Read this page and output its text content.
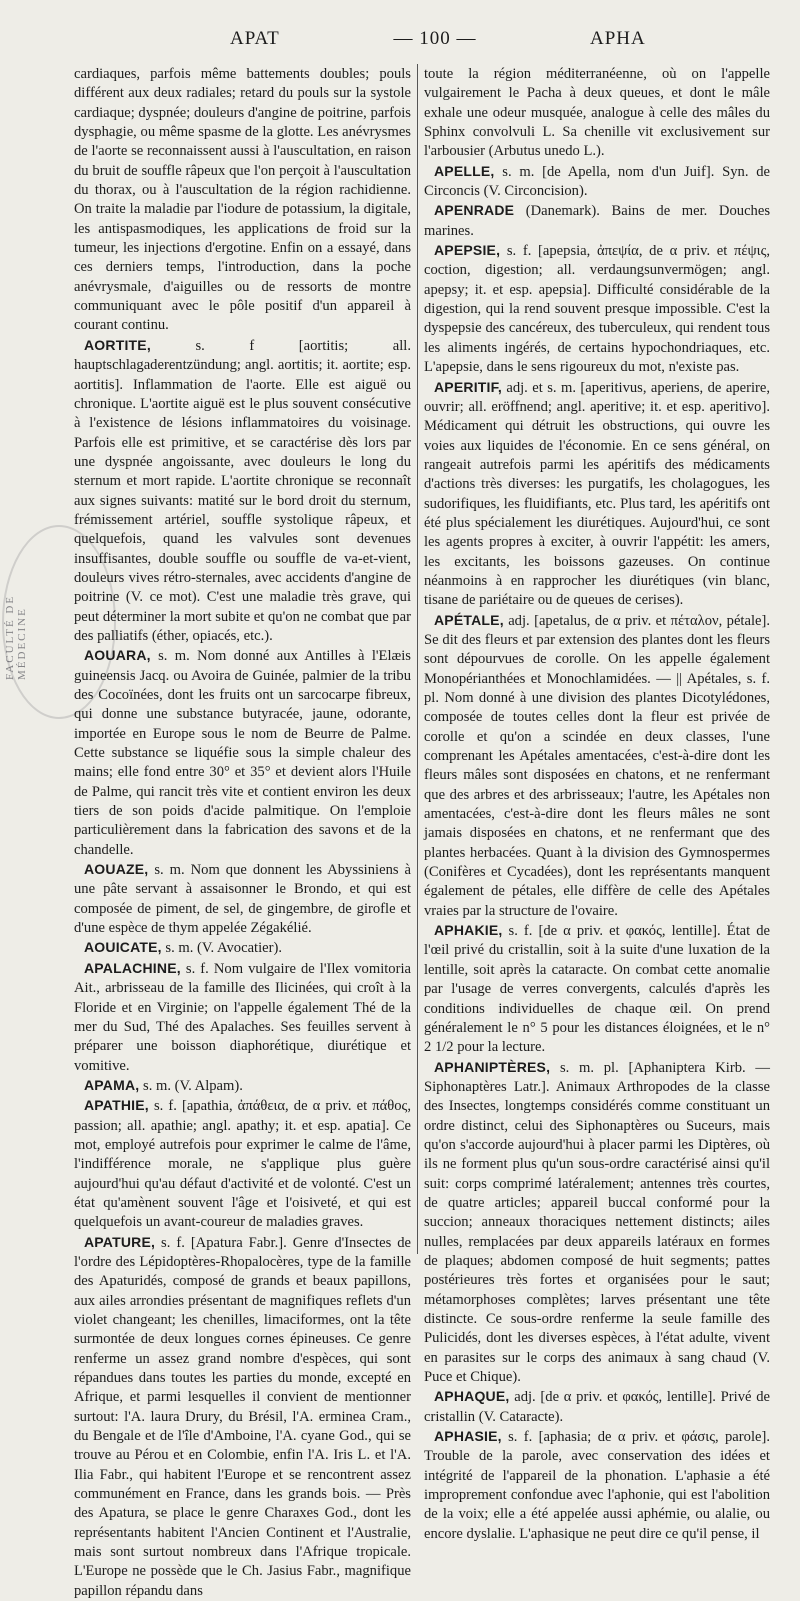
APAT	— 100 —	APHA
FACULTÉ DE MÉDECINE

cardiaques, parfois même battements doubles; pouls différent aux deux radiales; retard du pouls sur la systole cardiaque; dyspnée; douleurs d'angine de poitrine, parfois dysphagie, ou même spasme de la glotte. Les anévrysmes de l'aorte se reconnaissent aussi à l'auscultation, en raison du bruit de souffle râpeux que l'on perçoit à l'auscultation du thorax, ou à l'auscultation de la région rachidienne. On traite la maladie par l'iodure de potassium, la digitale, les antispasmodiques, les applications de froid sur la tumeur, les injections d'ergotine. Enfin on a essayé, dans ces derniers temps, l'introduction, dans la poche anévrysmale, d'aiguilles ou de ressorts de montre communiquant avec le pôle positif d'un appareil à courant continu.

AORTITE, s. f [aortitis; all. hauptschlagaderentzündung; angl. aortitis; it. aortite; esp. aortitis]. Inflammation de l'aorte. Elle est aiguë ou chronique. L'aortite aiguë est le plus souvent consécutive à l'existence de lésions inflammatoires du voisinage. Parfois elle est primitive, et se caractérise dès lors par une dyspnée angoissante, avec douleurs le long du sternum et mort rapide. L'aortite chronique se reconnaît aux signes suivants: matité sur le bord droit du sternum, frémissement artériel, souffle systolique râpeux, et quelquefois, quand les valvules sont devenues insuffisantes, double souffle ou souffle de va-et-vient, douleurs vives rétro-sternales, avec accidents d'angine de poitrine (V. ce mot). C'est une maladie très grave, qui peut déterminer la mort subite et qu'on ne combat que par des palliatifs (éther, opiacés, etc.).

AOUARA, s. m. Nom donné aux Antilles à l'Elæis guineensis Jacq. ou Avoira de Guinée, palmier de la tribu des Cocoïnées, dont les fruits ont un sarcocarpe fibreux, qui donne une substance butyracée, jaune, odorante, importée en Europe sous le nom de Beurre de Palme. Cette substance se liquéfie sous la simple chaleur des mains; elle fond entre 30° et 35° et devient alors l'Huile de Palme, qui rancit très vite et contient environ les deux tiers de son poids d'acide palmitique. On l'emploie particulièrement dans la fabrication des savons et de la chandelle.

AOUAZE, s. m. Nom que donnent les Abyssiniens à une pâte servant à assaisonner le Brondo, et qui est composée de piment, de sel, de gingembre, de girofle et d'une espèce de thym appelée Zégakélié.

AOUICATE, s. m. (V. Avocatier).

APALACHINE, s. f. Nom vulgaire de l'Ilex vomitoria Ait., arbrisseau de la famille des Ilicinées, qui croît à la Floride et en Virginie; on l'appelle également Thé de la mer du Sud, Thé des Apalaches. Ses feuilles servent à préparer une boisson diaphorétique, diurétique et vomitive.

APAMA, s. m. (V. Alpam).

APATHIE, s. f. [apathia, ἀπάθεια, de α priv. et πάθος, passion; all. apathie; angl. apathy; it. et esp. apatia]. Ce mot, employé autrefois pour exprimer le calme de l'âme, l'indifférence morale, ne s'applique plus guère aujourd'hui qu'au défaut d'activité et de volonté. C'est un état qu'amènent souvent l'âge et l'oisiveté, et qui est quelquefois un avant-coureur de maladies graves.

APATURE, s. f. [Apatura Fabr.]. Genre d'Insectes de l'ordre des Lépidoptères-Rhopalocères, type de la famille des Apaturidés, composé de grands et beaux papillons, aux ailes arrondies présentant de magnifiques reflets d'un violet changeant; les chenilles, limaciformes, ont la tête surmontée de deux longues cornes épineuses. Ce genre renferme un assez grand nombre d'espèces, qui sont répandues dans toutes les parties du monde, excepté en Afrique, et parmi lesquelles il convient de mentionner surtout: l'A. laura Drury, du Brésil, l'A. erminea Cram., du Bengale et de l'île d'Amboine, l'A. cyane God., qui se trouve au Pérou et en Colombie, enfin l'A. Iris L. et l'A. Ilia Fabr., qui habitent l'Europe et se rencontrent assez communément en France, dans les grands bois. — Près des Apatura, se place le genre Charaxes God., dont les représentants habitent l'Ancien Continent et l'Australie, mais sont surtout nombreux dans l'Afrique tropicale. L'Europe ne possède que le Ch. Jasius Fabr., magnifique papillon répandu dans

toute la région méditerranéenne, où on l'appelle vulgairement le Pacha à deux queues, et dont le mâle exhale une odeur musquée, analogue à celle des mâles du Sphinx convolvuli L. Sa chenille vit exclusivement sur l'arbousier (Arbutus unedo L.).

APELLE, s. m. [de Apella, nom d'un Juif]. Syn. de Circoncis (V. Circoncision).

APENRADE (Danemark). Bains de mer. Douches marines.

APEPSIE, s. f. [apepsia, ἀπεψία, de α priv. et πέψις, coction, digestion; all. verdaungsunvermögen; angl. apepsy; it. et esp. apepsia]. Difficulté considérable de la digestion, qui la rend souvent presque impossible. C'est la dyspepsie des cancéreux, des tuberculeux, qui rendent tous les aliments ingérés, de certains hypochondriaques, etc. L'apepsie, dans le sens rigoureux du mot, n'existe pas.

APERITIF, adj. et s. m. [aperitivus, aperiens, de aperire, ouvrir; all. eröffnend; angl. aperitive; it. et esp. aperitivo]. Médicament qui détruit les obstructions, qui ouvre les voies aux liquides de l'économie. En ce sens général, on rangeait autrefois parmi les apéritifs des médicaments d'actions très diverses: les purgatifs, les cholagogues, les sudorifiques, les fluidifiants, etc. Plus tard, les apéritifs ont été plus spécialement les diurétiques. Aujourd'hui, ce sont les agents propres à exciter, à ouvrir l'appétit: les amers, les excitants, les boissons gazeuses. On continue néanmoins à en rapprocher les diurétiques (vin blanc, tisane de pariétaire ou de queues de cerises).

APÉTALE, adj. [apetalus, de α priv. et πέταλον, pétale]. Se dit des fleurs et par extension des plantes dont les fleurs sont dépourvues de corolle. On les appelle également Monopérianthées et Monochlamidées. — || Apétales, s. f. pl. Nom donné à une division des plantes Dicotylédones, composée de toutes celles dont la fleur est privée de corolle et qu'on a scindée en deux classes, l'une comprenant les Apétales amentacées, c'est-à-dire dont les fleurs mâles sont disposées en chatons, et ne renfermant que des arbres et des arbrisseaux; l'autre, les Apétales non amentacées, c'est-à-dire dont les fleurs mâles ne sont jamais disposées en chatons, et ne renfermant que des plantes herbacées. Quant à la division des Gymnospermes (Conifères et Cycadées), dont les représentants manquent également de pétales, elle diffère de celle des Apétales vraies par la structure de l'ovaire.

APHAKIE, s. f. [de α priv. et φακός, lentille]. État de l'œil privé du cristallin, soit à la suite d'une luxation de la lentille, soit après la cataracte. On combat cette anomalie par l'usage de verres convergents, calculés d'après les conditions individuelles de chaque œil. On prend généralement le n° 5 pour les distances éloignées, et le n° 2 1/2 pour la lecture.

APHANIPTÈRES, s. m. pl. [Aphaniptera Kirb. — Siphonaptères Latr.]. Animaux Arthropodes de la classe des Insectes, longtemps considérés comme constituant un ordre distinct, celui des Siphonaptères ou Suceurs, mais qu'on s'accorde aujourd'hui à placer parmi les Diptères, où ils ne forment plus qu'un sous-ordre caractérisé ainsi qu'il suit: corps comprimé latéralement; antennes très courtes, de quatre articles; appareil buccal conformé pour la succion; anneaux thoraciques nettement distincts; ailes nulles, remplacées par deux appareils latéraux en formes de plaques; abdomen composé de huit segments; pattes postérieures très fortes et organisées pour le saut; métamorphoses complètes; larves présentant une tête distincte. Ce sous-ordre renferme la seule famille des Pulicidés, dont les diverses espèces, à l'état adulte, vivent en parasites sur le corps des animaux à sang chaud (V. Puce et Chique).

APHAQUE, adj. [de α priv. et φακός, lentille]. Privé de cristallin (V. Cataracte).

APHASIE, s. f. [aphasia; de α priv. et φάσις, parole]. Trouble de la parole, avec conservation des idées et intégrité de l'appareil de la phonation. L'aphasie a été improprement confondue avec l'aphonie, qui est l'abolition de la voix; elle a été appelée aussi aphémie, ou alalie, ou encore dyslalie. L'aphasique ne peut dire ce qu'il pense, il
